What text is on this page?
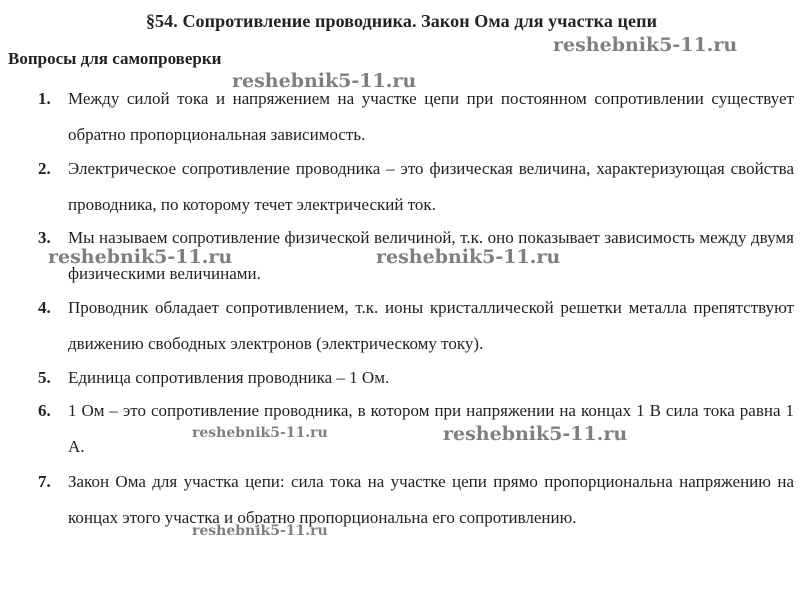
§54. Сопротивление проводника. Закон Ома для участка цепи
Вопросы для самопроверки
1. Между силой тока и напряжением на участке цепи при постоянном сопротивлении существует обратно пропорциональная зависимость.
2. Электрическое сопротивление проводника – это физическая величина, характеризующая свойства проводника, по которому течет электрический ток.
3. Мы называем сопротивление физической величиной, т.к. оно показывает зависимость между двумя физическими величинами.
4. Проводник обладает сопротивлением, т.к. ионы кристаллической решетки металла препятствуют движению свободных электронов (электрическому току).
5. Единица сопротивления проводника – 1 Ом.
6. 1 Ом – это сопротивление проводника, в котором при напряжении на концах 1 В сила тока равна 1 А.
7. Закон Ома для участка цепи: сила тока на участке цепи прямо пропорциональна напряжению на концах этого участка и обратно пропорциональна его сопротивлению.
reshebnik5-11.ru
reshebnik5-11.ru
reshebnik5-11.ru	reshebnik5-11.ru
reshebnik5-11.ru	reshebnik5-11.ru
reshebnik5-11.ru
